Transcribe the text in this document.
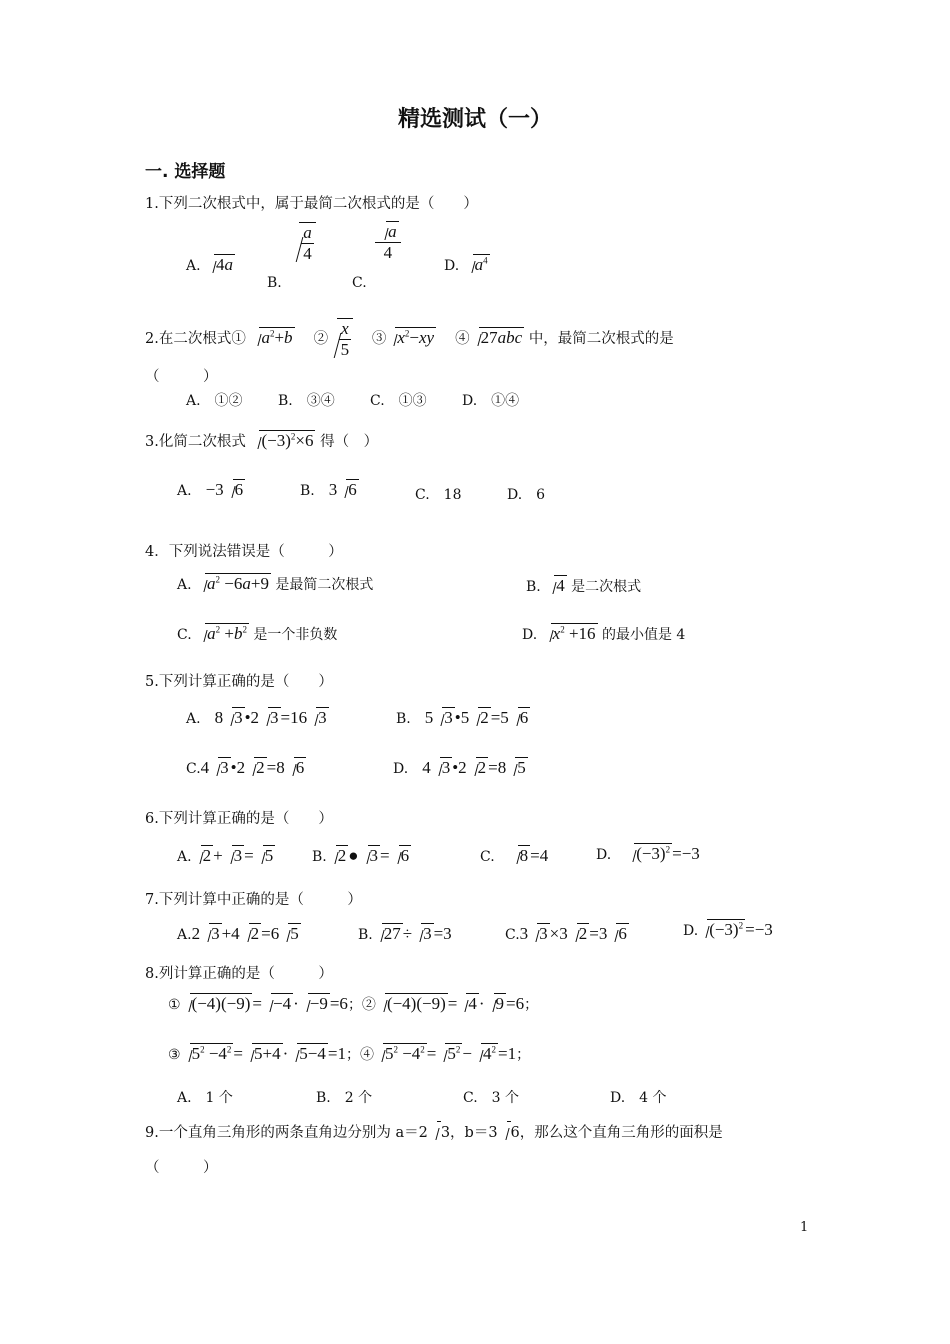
精选测试（一）
一. 选择题
1.下列二次根式中，属于最简二次根式的是（　　）
A. 4a
B.
$\frac{a}{4}$
C.
$\frac{a}{4}$
D. $a^4$
2.在二次根式① $a^2+b$ 　 ② $\frac{x}{5}$
　 ③ $x^2-xy$ 　 ④ 27abc 中，最简二次根式的是
（　　　）
A.　①②	B.　③④	C.　①③	D.　①④
3.化简二次根式 $(-3)^2\times 6$ 得（　）
A.　 −3 6	B.　 3 6	C.　18	D.　6
4．下列说法错误是（　　　）
A. $a^2 -6a+9$ 是最简二次根式	B. 4 是二次根式
C. $a^2 +b^2$ 是一个非负数	D. $x^2 +16$ 的最小值是 4
5.下列计算正确的是（　　）
A.　8 3 •2 3 =16 3	B.　5 3 •5 2 =5 6
C.4 3 •2 2 =8 6	D.　4 3 •2 2 =8 5
6.下列计算正确的是（　　）
A. 2 + 3 = 5	B. 2 ● 3 = 6	C.　8 =4	D.　$(-3)^2 =-3$
7.下列计算中正确的是（　　　）
A.2 3 +4 2 =6 5	B. 27 ÷ 3 =3	C.3 3 ×3 2 =3 6	D. $(-3)^2 =-3$
8.列计算正确的是（　　　）
① (−4)(−9) = −4 · −9 =6；② (−4)(−9) = 4 · 9 =6；
③ $5^2 -4^2 = 5+4 \cdot 5-4 =1$；④ $5^2 -4^2 = 5^2 - 4^2 =1$；
A.　1 个	B.　2 个	C.　3 个	D.　4 个
9.一个直角三角形的两条直角边分别为 a＝2 3，b＝3 6，那么这个直角三角形的面积是
（　　　）
1
